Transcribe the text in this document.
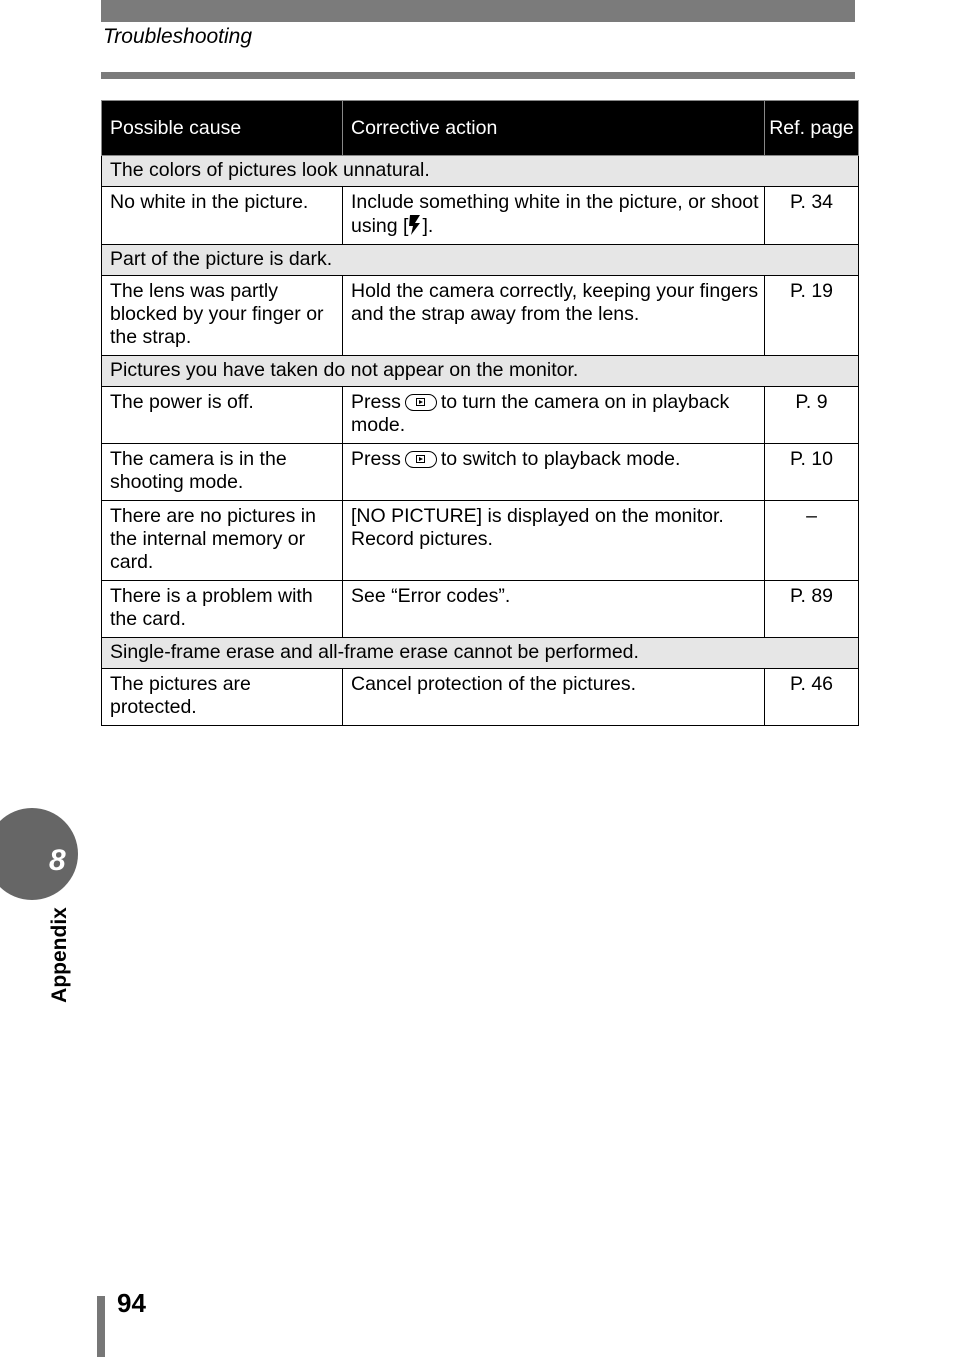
Troubleshooting
Possible cause	Corrective action	Ref. page
The colors of pictures look unnatural.		
No white in the picture.	Include something white in the picture, or shoot using [ ].	P. 34
Part of the picture is dark.		
The lens was partly blocked by your finger or the strap.	Hold the camera correctly, keeping your fingers and the strap away from the lens.	P. 19
Pictures you have taken do not appear on the monitor.		
The power is off.	Press to turn the camera on in playback mode.	P. 9
The camera is in the shooting mode.	Press to switch to playback mode.	P. 10
There are no pictures in the internal memory or card.	[NO PICTURE] is displayed on the monitor. Record pictures.	–
There is a problem with the card.	See “Error codes”.	P. 89
Single-frame erase and all-frame erase cannot be performed.		
The pictures are protected.	Cancel protection of the pictures.	P. 46
8
Appendix
94
